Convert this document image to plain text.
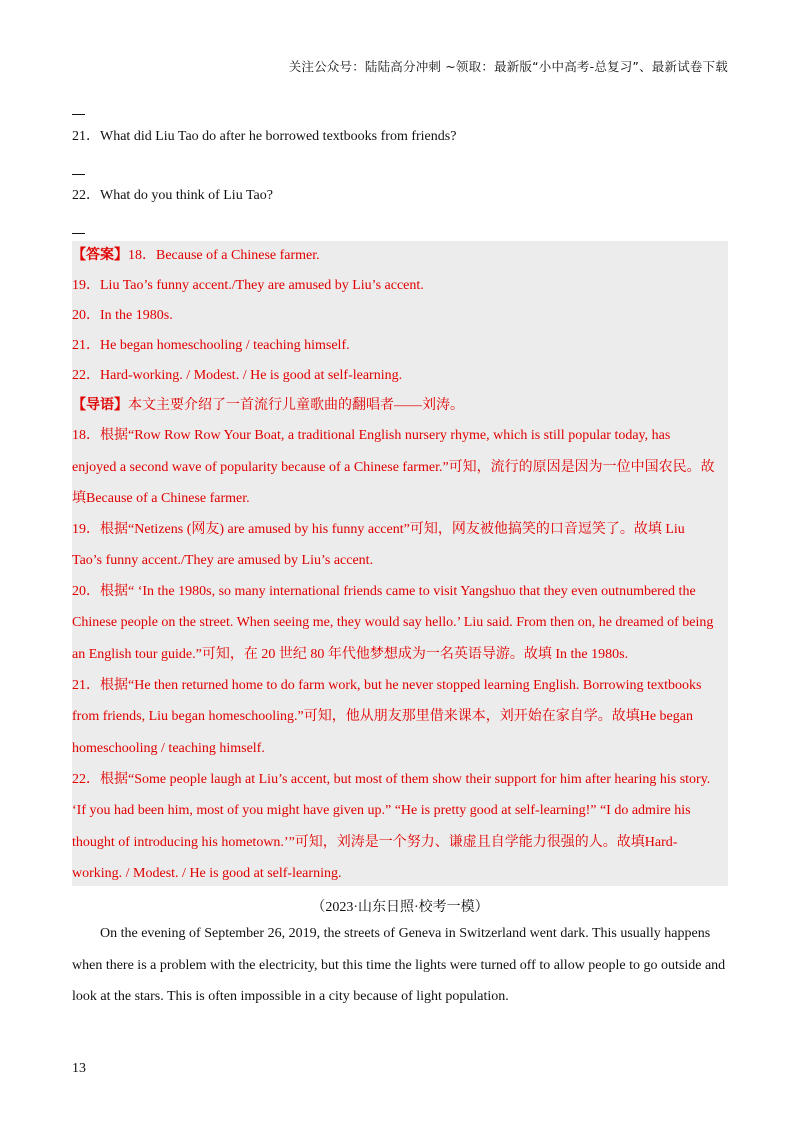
关注公众号：陆陆高分冲刺 ~领取：最新版“小中高考-总复习”、最新试卷下载
21．What did Liu Tao do after he borrowed textbooks from friends?
22．What do you think of Liu Tao?
【答案】18．Because of a Chinese farmer.
19．Liu Tao’s funny accent./They are amused by Liu’s accent.
20．In the 1980s.
21．He began homeschooling / teaching himself.
22．Hard-working. / Modest. / He is good at self-learning.
【导语】本文主要介绍了一首流行儿童歌曲的翻唱者——刘涛。
18．根据“Row Row Row Your Boat, a traditional English nursery rhyme, which is still popular today, has
enjoyed a second wave of popularity because of a Chinese farmer.”可知，流行的原因是因为一位中国农民。故
填Because of a Chinese farmer.
19．根据“Netizens (网友) are amused by his funny accent”可知，网友被他搞笑的口音逗笑了。故填 Liu
Tao’s funny accent./They are amused by Liu’s accent.
20．根据“ ‘In the 1980s, so many international friends came to visit Yangshuo that they even outnumbered the
Chinese people on the street. When seeing me, they would say hello.’ Liu said. From then on, he dreamed of being
an English tour guide.”可知，在 20 世纪 80 年代他梦想成为一名英语导游。故填 In the 1980s.
21．根据“He then returned home to do farm work, but he never stopped learning English. Borrowing textbooks
from friends, Liu began homeschooling.”可知，他从朋友那里借来课本，刘开始在家自学。故填He began
homeschooling / teaching himself.
22．根据“Some people laugh at Liu’s accent, but most of them show their support for him after hearing his story.
‘If you had been him, most of you might have given up.” “He is pretty good at self-learning!” “I do admire his
thought of introducing his hometown.’”可知，刘涛是一个努力、谦虚且自学能力很强的人。故填Hard-
working. / Modest. / He is good at self-learning.
（2023·山东日照·校考一模）
On the evening of September 26, 2019, the streets of Geneva in Switzerland went dark. This usually happens when there is a problem with the electricity, but this time the lights were turned off to allow people to go outside and look at the stars. This is often impossible in a city because of light population.
13
